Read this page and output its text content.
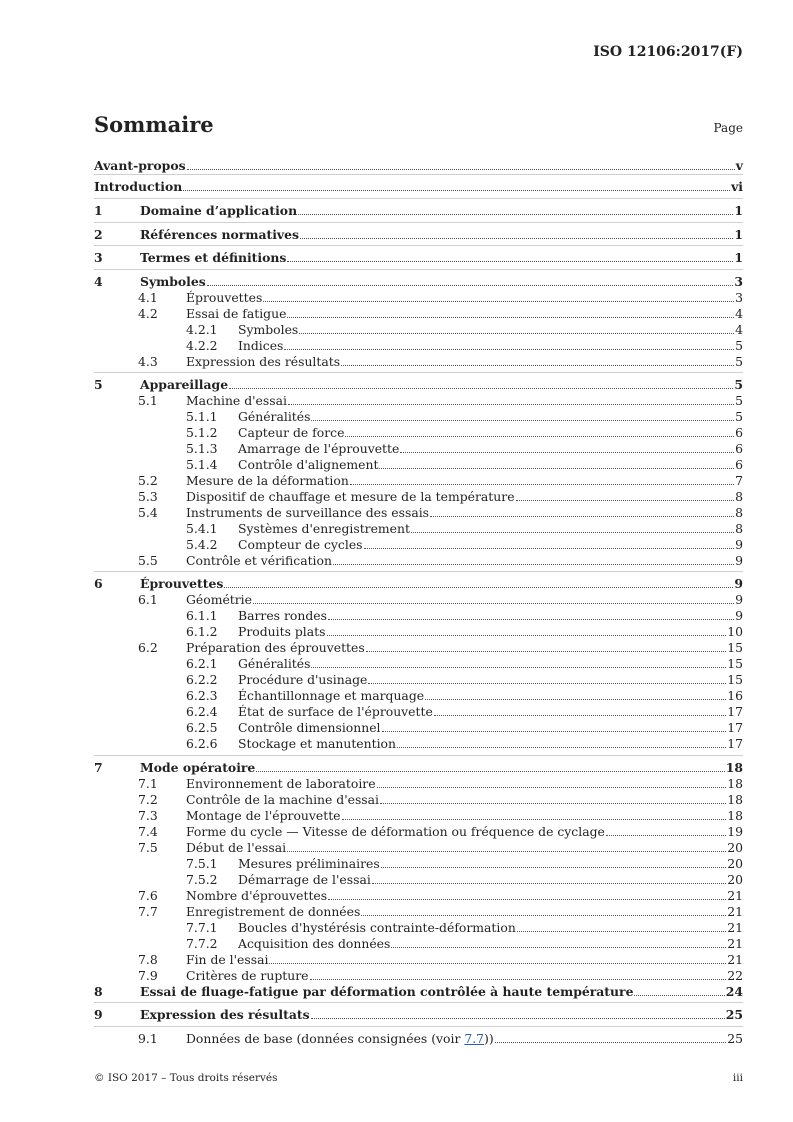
ISO 12106:2017(F)
Sommaire	Page
Avant-propos	v
Introduction	vi
1	Domaine d’application	1
2	Références normatives	1
3	Termes et définitions	1
4	Symboles	3
4.1 Éprouvettes	3
4.2 Essai de fatigue	4
4.2.1 Symboles	4
4.2.2 Indices	5
4.3 Expression des résultats	5
5	Appareillage	5
5.1 Machine d'essai	5
5.1.1 Généralités	5
5.1.2 Capteur de force	6
5.1.3 Amarrage de l'éprouvette	6
5.1.4 Contrôle d'alignement	6
5.2 Mesure de la déformation	7
5.3 Dispositif de chauffage et mesure de la température	8
5.4 Instruments de surveillance des essais	8
5.4.1 Systèmes d'enregistrement	8
5.4.2 Compteur de cycles	9
5.5 Contrôle et vérification	9
6	Éprouvettes	9
6.1 Géométrie	9
6.1.1 Barres rondes	9
6.1.2 Produits plats	10
6.2 Préparation des éprouvettes	15
6.2.1 Généralités	15
6.2.2 Procédure d'usinage	15
6.2.3 Échantillonnage et marquage	16
6.2.4 État de surface de l'éprouvette	17
6.2.5 Contrôle dimensionnel	17
6.2.6 Stockage et manutention	17
7	Mode opératoire	18
7.1 Environnement de laboratoire	18
7.2 Contrôle de la machine d'essai	18
7.3 Montage de l'éprouvette	18
7.4 Forme du cycle — Vitesse de déformation ou fréquence de cyclage	19
7.5 Début de l'essai	20
7.5.1 Mesures préliminaires	20
7.5.2 Démarrage de l'essai	20
7.6 Nombre d'éprouvettes	21
7.7 Enregistrement de données	21
7.7.1 Boucles d'hystérésis contrainte-déformation	21
7.7.2 Acquisition des données	21
7.8 Fin de l'essai	21
7.9 Critères de rupture	22
8	Essai de fluage-fatigue par déformation contrôlée à haute température	24
9	Expression des résultats	25
9.1 Données de base (données consignées (voir 7.7))	25
© ISO 2017 – Tous droits réservés	iii
